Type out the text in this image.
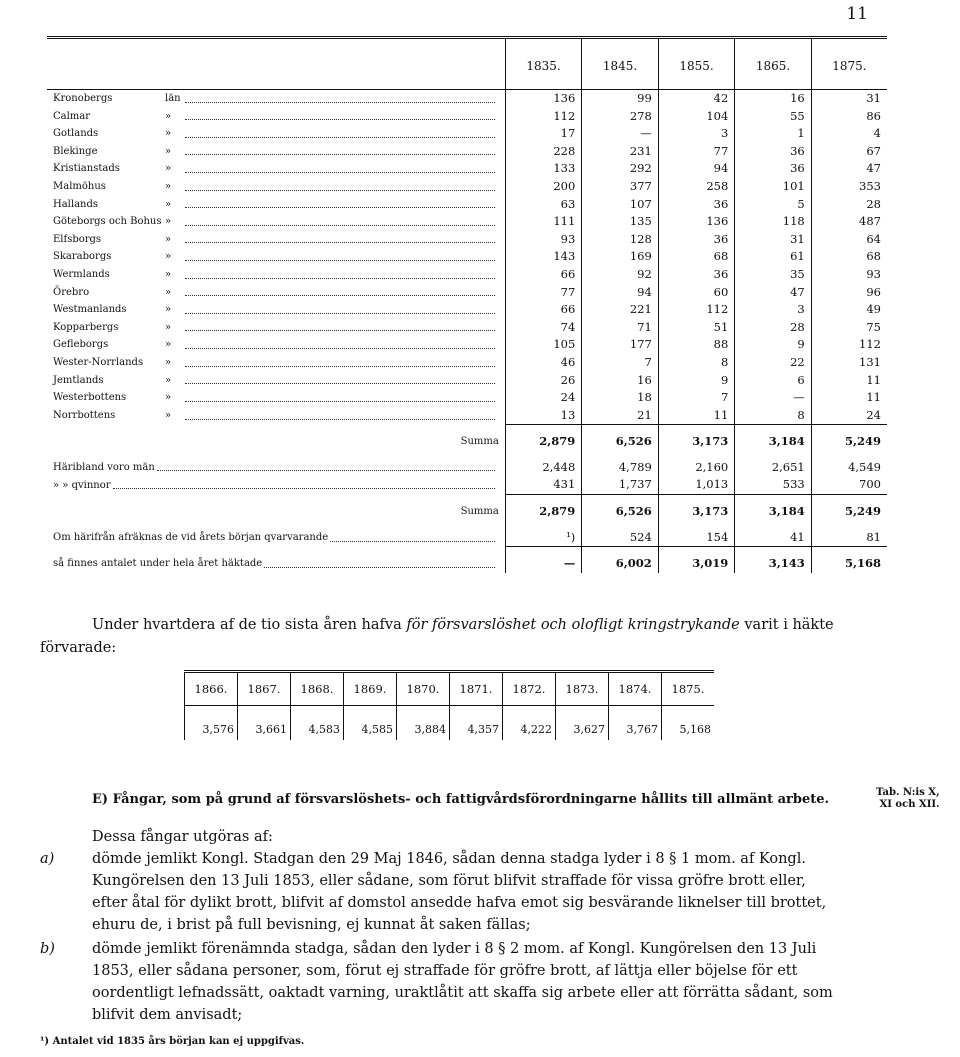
11
	1835.	1845.	1855.	1865.	1875.

Kronobergs län	136	99	42	16	31

Calmar »	112	278	104	55	86

Gotlands »	17	—	3	1	4

Blekinge »	228	231	77	36	67

Kristianstads »	133	292	94	36	47

Malmöhus »	200	377	258	101	353

Hallands »	63	107	36	5	28

Göteborgs och Bohus »	111	135	136	118	487

Elfsborgs »	93	128	36	31	64

Skaraborgs »	143	169	68	61	68

Wermlands »	66	92	36	35	93

Örebro »	77	94	60	47	96

Westmanlands »	66	221	112	3	49

Kopparbergs »	74	71	51	28	75

Gefleborgs »	105	177	88	9	112

Wester-Norrlands »	46	7	8	22	131

Jemtlands »	26	16	9	6	11

Westerbottens »	24	18	7	—	11

Norrbottens »	13	21	11	8	24

Summa	2,879	6,526	3,173	3,184	5,249

Häribland voro män	2,448	4,789	2,160	2,651	4,549

» » qvinnor	431	1,737	1,013	533	700

Summa	2,879	6,526	3,173	3,184	5,249

Om härifrån afräknas de vid årets början qvarvarande	¹)	524	154	41	81

så finnes antalet under hela året häktade	—	6,002	3,019	3,143	5,168
Under hvartdera af de tio sista åren hafva för försvarslöshet och olofligt kringstrykande varit i häkte
förvarade:
1866.	1867.	1868.	1869.	1870.	1871.	1872.	1873.	1874.	1875.

3,576	3,661	4,583	4,585	3,884	4,357	4,222	3,627	3,767	5,168
E) Fångar, som på grund af försvarslöshets- och fattigvårdsförordningarne hållits till allmänt arbete.	Tab. N:is X,
XI och XII.
Dessa fångar utgöras af:
a)	dömde jemlikt Kongl. Stadgan den 29 Maj 1846, sådan denna stadga lyder i 8 § 1 mom. af Kongl.
Kungörelsen den 13 Juli 1853, eller sådane, som förut blifvit straffade för vissa gröfre brott eller,
efter åtal för dylikt brott, blifvit af domstol ansedde hafva emot sig besvärande liknelser till brottet,
ehuru de, i brist på full bevisning, ej kunnat åt saken fällas;
b)	dömde jemlikt förenämnda stadga, sådan den lyder i 8 § 2 mom. af Kongl. Kungörelsen den 13 Juli
1853, eller sådana personer, som, förut ej straffade för gröfre brott, af lättja eller böjelse för ett
oordentligt lefnadssätt, oaktadt varning, uraktlåtit att skaffa sig arbete eller att förrätta sådant, som
blifvit dem anvisadt;
¹) Antalet vid 1835 års början kan ej uppgifvas.
